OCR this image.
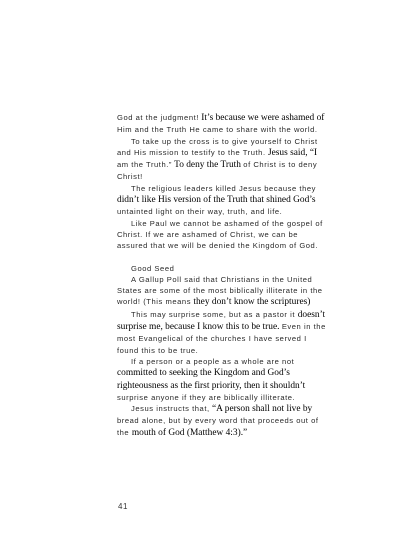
God at the judgment! It’s because we were ashamed of Him and the Truth He came to share with the world.

To take up the cross is to give yourself to Christ and His mission to testify to the Truth. Jesus said, “I am the Truth.” To deny the Truth of Christ is to deny Christ!

The religious leaders killed Jesus because they didn’t like His version of the Truth that shined God’s untainted light on their way, truth, and life.

Like Paul we cannot be ashamed of the gospel of Christ. If we are ashamed of Christ, we can be assured that we will be denied the Kingdom of God.

Good Seed

A Gallup Poll said that Christians in the United States are some of the most biblically illiterate in the world! (This means they don’t know the scriptures)

This may surprise some, but as a pastor it doesn’t surprise me, because I know this to be true. Even in the most Evangelical of the churches I have served I found this to be true.

If a person or a people as a whole are not committed to seeking the Kingdom and God’s righteousness as the first priority, then it shouldn’t surprise anyone if they are biblically illiterate.

Jesus instructs that, “A person shall not live by bread alone, but by every word that proceeds out of the mouth of God (Matthew 4:3).”

41
